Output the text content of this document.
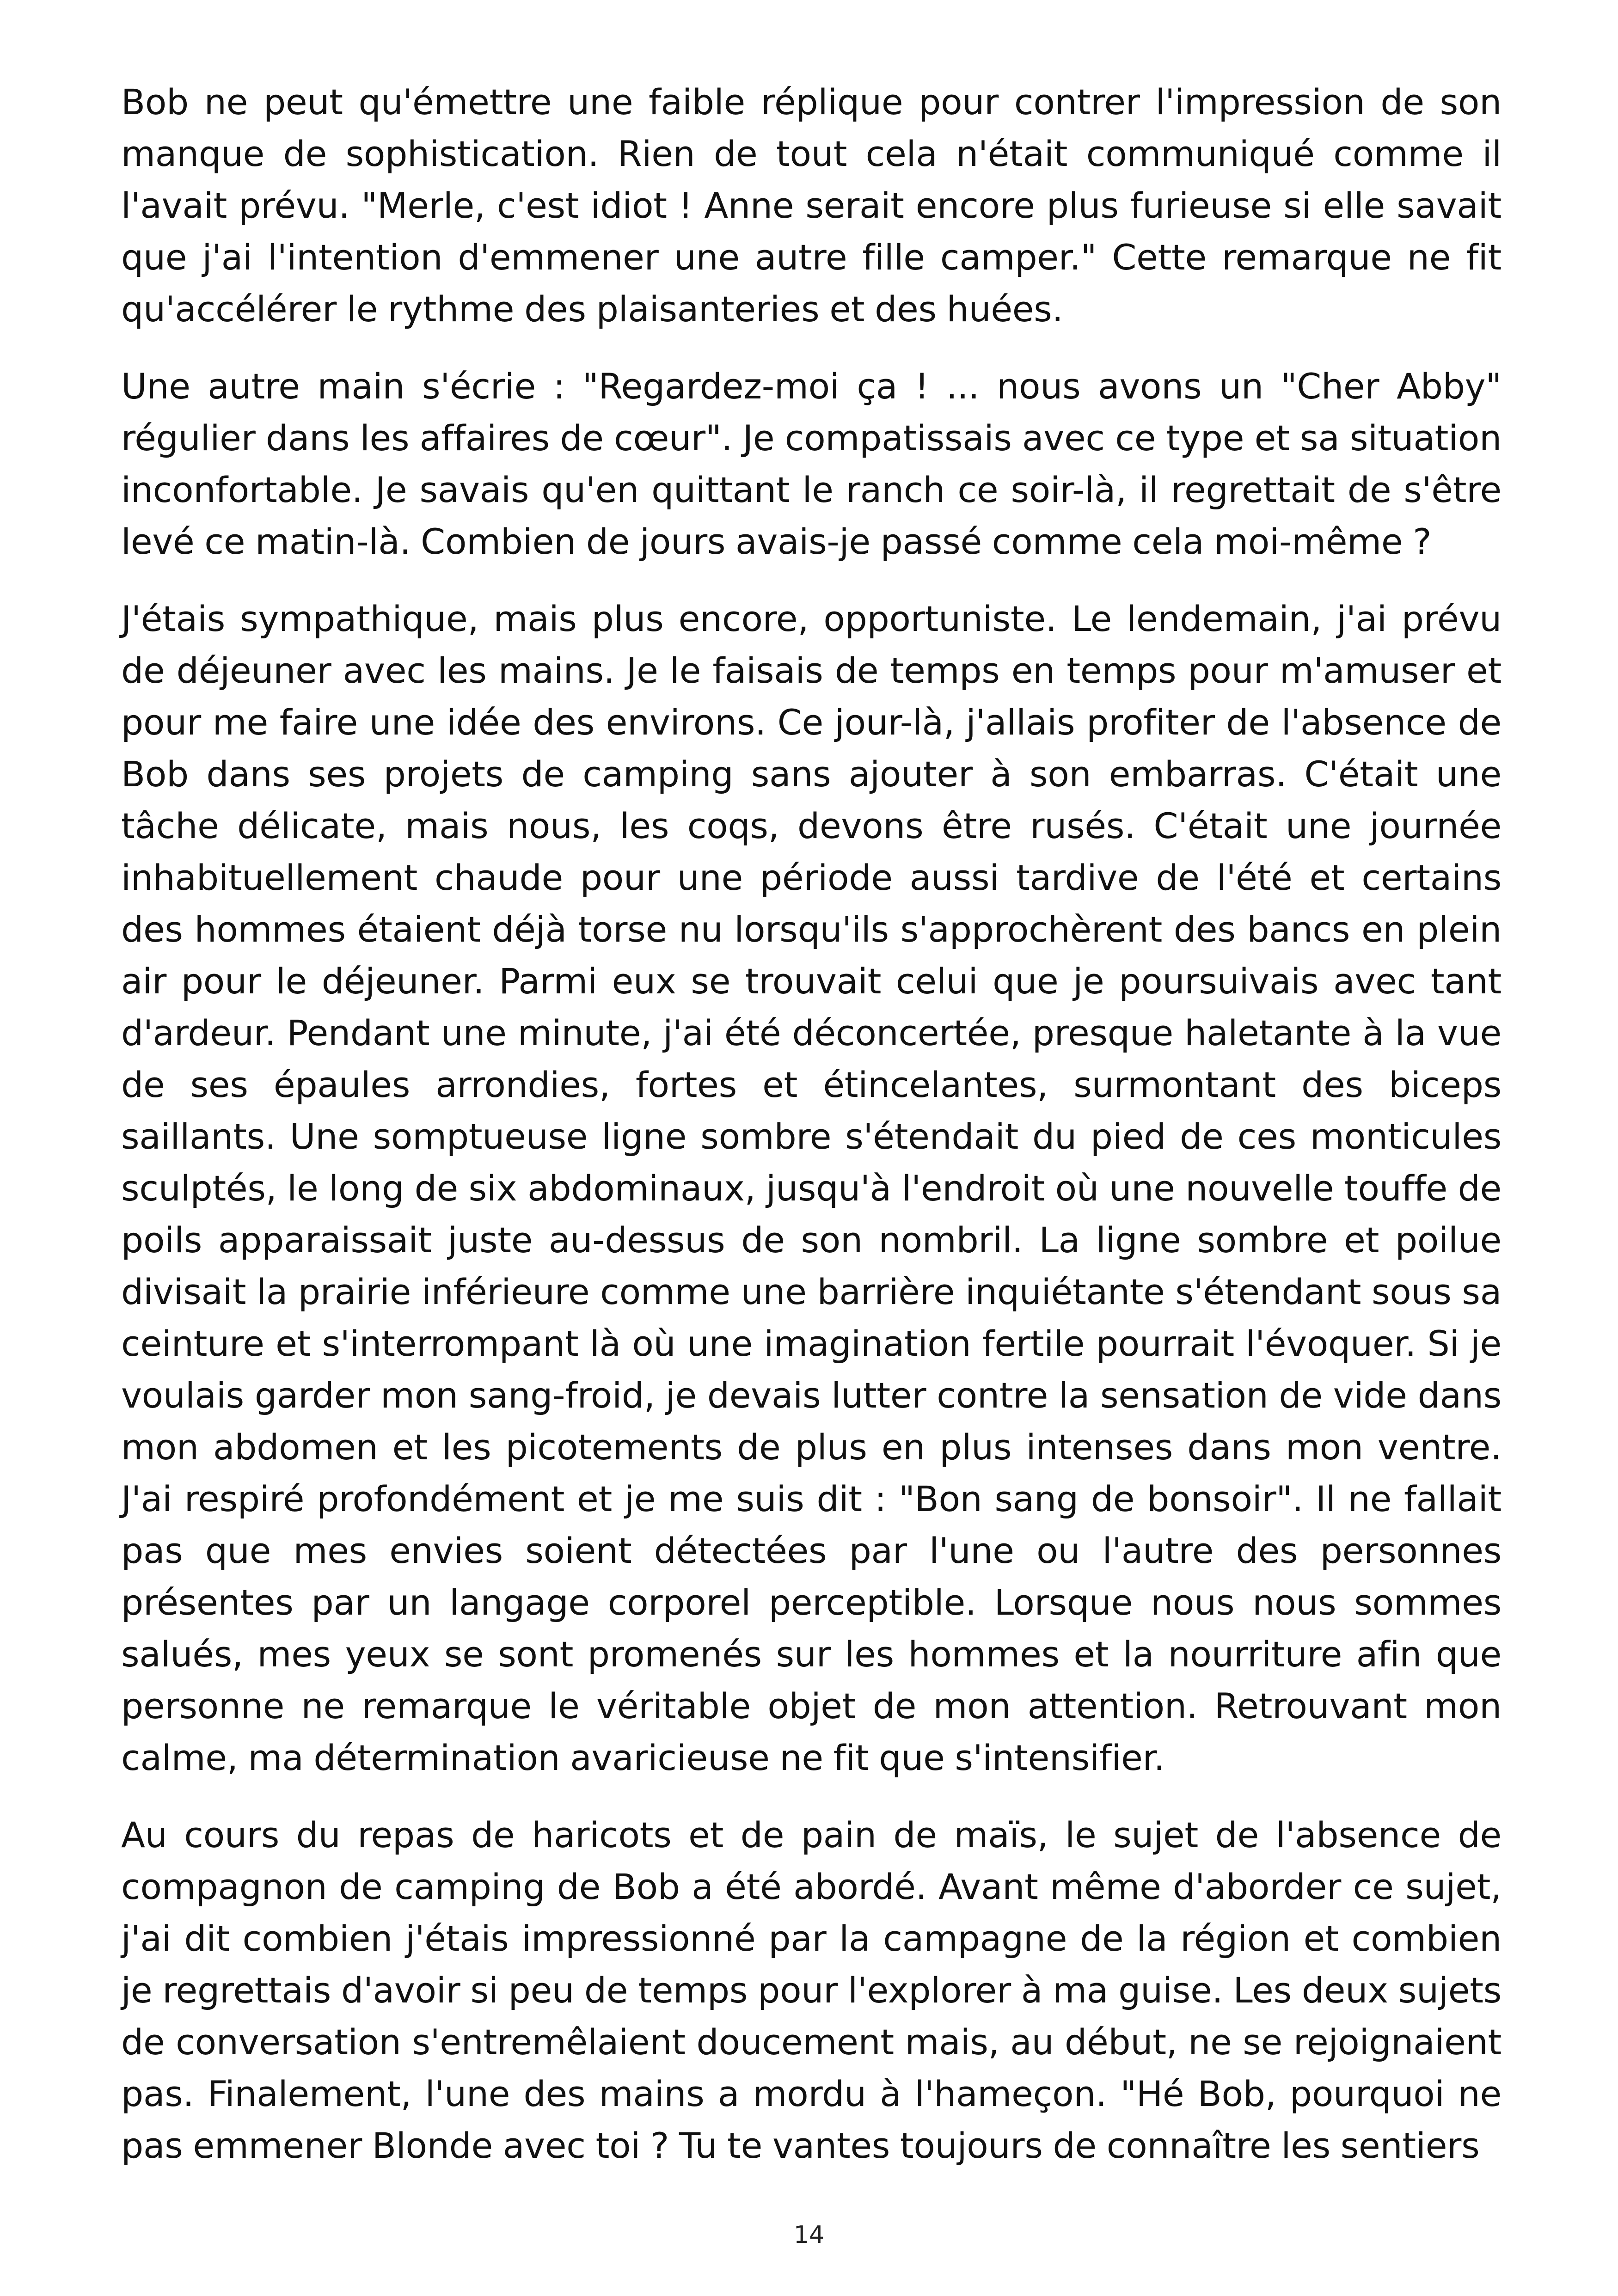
Bob ne peut qu'émettre une faible réplique pour contrer l'impression de son manque de sophistication. Rien de tout cela n'était communiqué comme il l'avait prévu. "Merle, c'est idiot ! Anne serait encore plus furieuse si elle savait que j'ai l'intention d'emmener une autre fille camper." Cette remarque ne fit qu'accélérer le rythme des plaisanteries et des huées.

Une autre main s'écrie : "Regardez-moi ça ! ... nous avons un "Cher Abby" régulier dans les affaires de cœur". Je compatissais avec ce type et sa situation inconfortable. Je savais qu'en quittant le ranch ce soir-là, il regrettait de s'être levé ce matin-là. Combien de jours avais-je passé comme cela moi-même ?

J'étais sympathique, mais plus encore, opportuniste. Le lendemain, j'ai prévu de déjeuner avec les mains. Je le faisais de temps en temps pour m'amuser et pour me faire une idée des environs. Ce jour-là, j'allais profiter de l'absence de Bob dans ses projets de camping sans ajouter à son embarras. C'était une tâche délicate, mais nous, les coqs, devons être rusés. C'était une journée inhabituellement chaude pour une période aussi tardive de l'été et certains des hommes étaient déjà torse nu lorsqu'ils s'approchèrent des bancs en plein air pour le déjeuner. Parmi eux se trouvait celui que je poursuivais avec tant d'ardeur. Pendant une minute, j'ai été déconcertée, presque haletante à la vue de ses épaules arrondies, fortes et étincelantes, surmontant des biceps saillants. Une somptueuse ligne sombre s'étendait du pied de ces monticules sculptés, le long de six abdominaux, jusqu'à l'endroit où une nouvelle touffe de poils apparaissait juste au-dessus de son nombril. La ligne sombre et poilue divisait la prairie inférieure comme une barrière inquiétante s'étendant sous sa ceinture et s'interrompant là où une imagination fertile pourrait l'évoquer. Si je voulais garder mon sang-froid, je devais lutter contre la sensation de vide dans mon abdomen et les picotements de plus en plus intenses dans mon ventre. J'ai respiré profondément et je me suis dit : "Bon sang de bonsoir". Il ne fallait pas que mes envies soient détectées par l'une ou l'autre des personnes présentes par un langage corporel perceptible. Lorsque nous nous sommes salués, mes yeux se sont promenés sur les hommes et la nourriture afin que personne ne remarque le véritable objet de mon attention. Retrouvant mon calme, ma détermination avaricieuse ne fit que s'intensifier.

Au cours du repas de haricots et de pain de maïs, le sujet de l'absence de compagnon de camping de Bob a été abordé. Avant même d'aborder ce sujet, j'ai dit combien j'étais impressionné par la campagne de la région et combien je regrettais d'avoir si peu de temps pour l'explorer à ma guise. Les deux sujets de conversation s'entremêlaient doucement mais, au début, ne se rejoignaient pas. Finalement, l'une des mains a mordu à l'hameçon. "Hé Bob, pourquoi ne pas emmener Blonde avec toi ? Tu te vantes toujours de connaître les sentiers

14
